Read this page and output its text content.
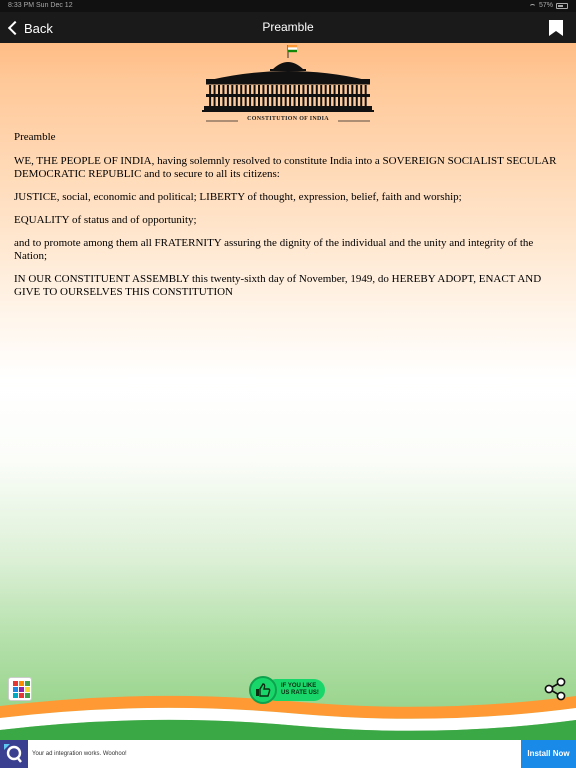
8:33 PM Sun Dec 12	57%
Preamble
Back
CONSTITUTION OF INDIA

Preamble

WE, THE PEOPLE OF INDIA, having solemnly resolved to constitute India into a SOVEREIGN SOCIALIST SECULAR DEMOCRATIC REPUBLIC and to secure to all its citizens:

JUSTICE, social, economic and political; LIBERTY of thought, expression, belief, faith and worship;

EQUALITY of status and of opportunity;

and to promote among them all FRATERNITY assuring the dignity of the individual and the unity and integrity of the Nation;

IN OUR CONSTITUENT ASSEMBLY this twenty-sixth day of November, 1949, do HEREBY ADOPT, ENACT AND GIVE TO OURSELVES THIS CONSTITUTION

IF YOU LIKE
US RATE US!
Your ad integration works. Woohoo!	Install Now
